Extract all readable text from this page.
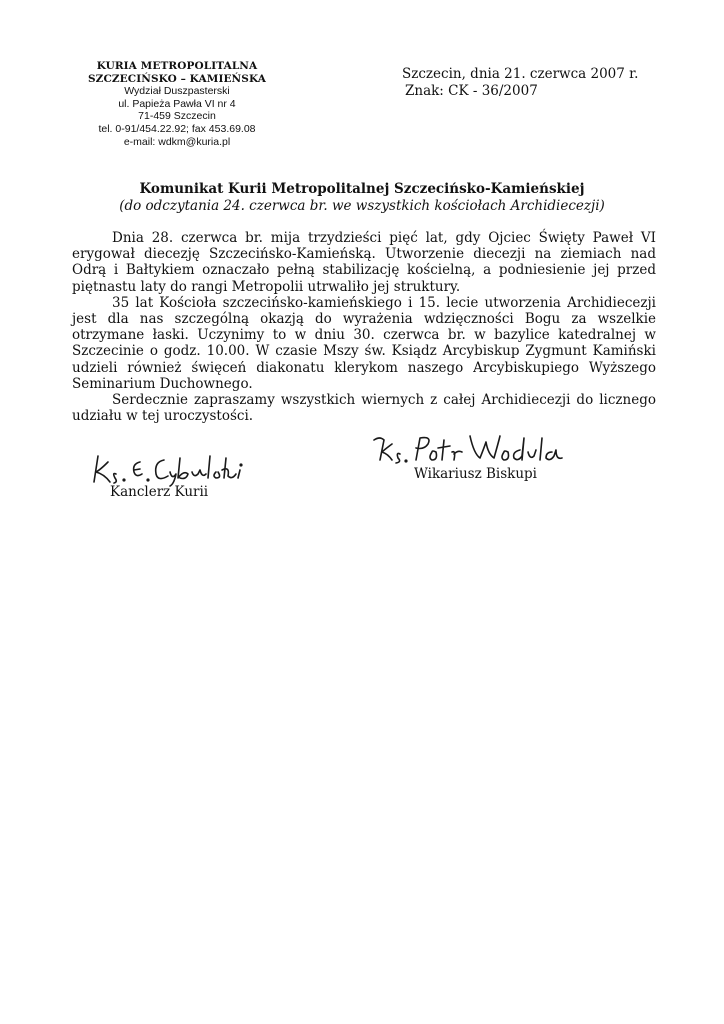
KURIA METROPOLITALNA
SZCZECIŃSKO – KAMIEŃSKA
Wydział Duszpasterski
ul. Papieża Pawła VI nr 4
71-459 Szczecin
tel. 0-91/454.22.92; fax 453.69.08
e-mail: wdkm@kuria.pl
Szczecin, dnia 21. czerwca 2007 r.
Znak: CK - 36/2007
Komunikat Kurii Metropolitalnej Szczecińsko-Kamieńskiej
(do odczytania 24. czerwca br. we wszystkich kościołach Archidiecezji)

Dnia 28. czerwca br. mija trzydzieści pięć lat, gdy Ojciec Święty Paweł VI erygował diecezję Szczecińsko-Kamieńską. Utworzenie diecezji na ziemiach nad Odrą i Bałtykiem oznaczało pełną stabilizację kościelną, a podniesienie jej przed piętnastu laty do rangi Metropolii utrwaliło jej struktury.

35 lat Kościoła szczecińsko-kamieńskiego i 15. lecie utworzenia Archidiecezji jest dla nas szczególną okazją do wyrażenia wdzięczności Bogu za wszelkie otrzymane łaski. Uczynimy to w dniu 30. czerwca br. w bazylice katedralnej w Szczecinie o godz. 10.00. W czasie Mszy św. Ksiądz Arcybiskup Zygmunt Kamiński udzieli również święceń diakonatu klerykom naszego Arcybiskupiego Wyższego Seminarium Duchownego.

Serdecznie zapraszamy wszystkich wiernych z całej Archidiecezji do licznego udziału w tej uroczystości.

Kanclerz Kurii
Wikariusz Biskupi
